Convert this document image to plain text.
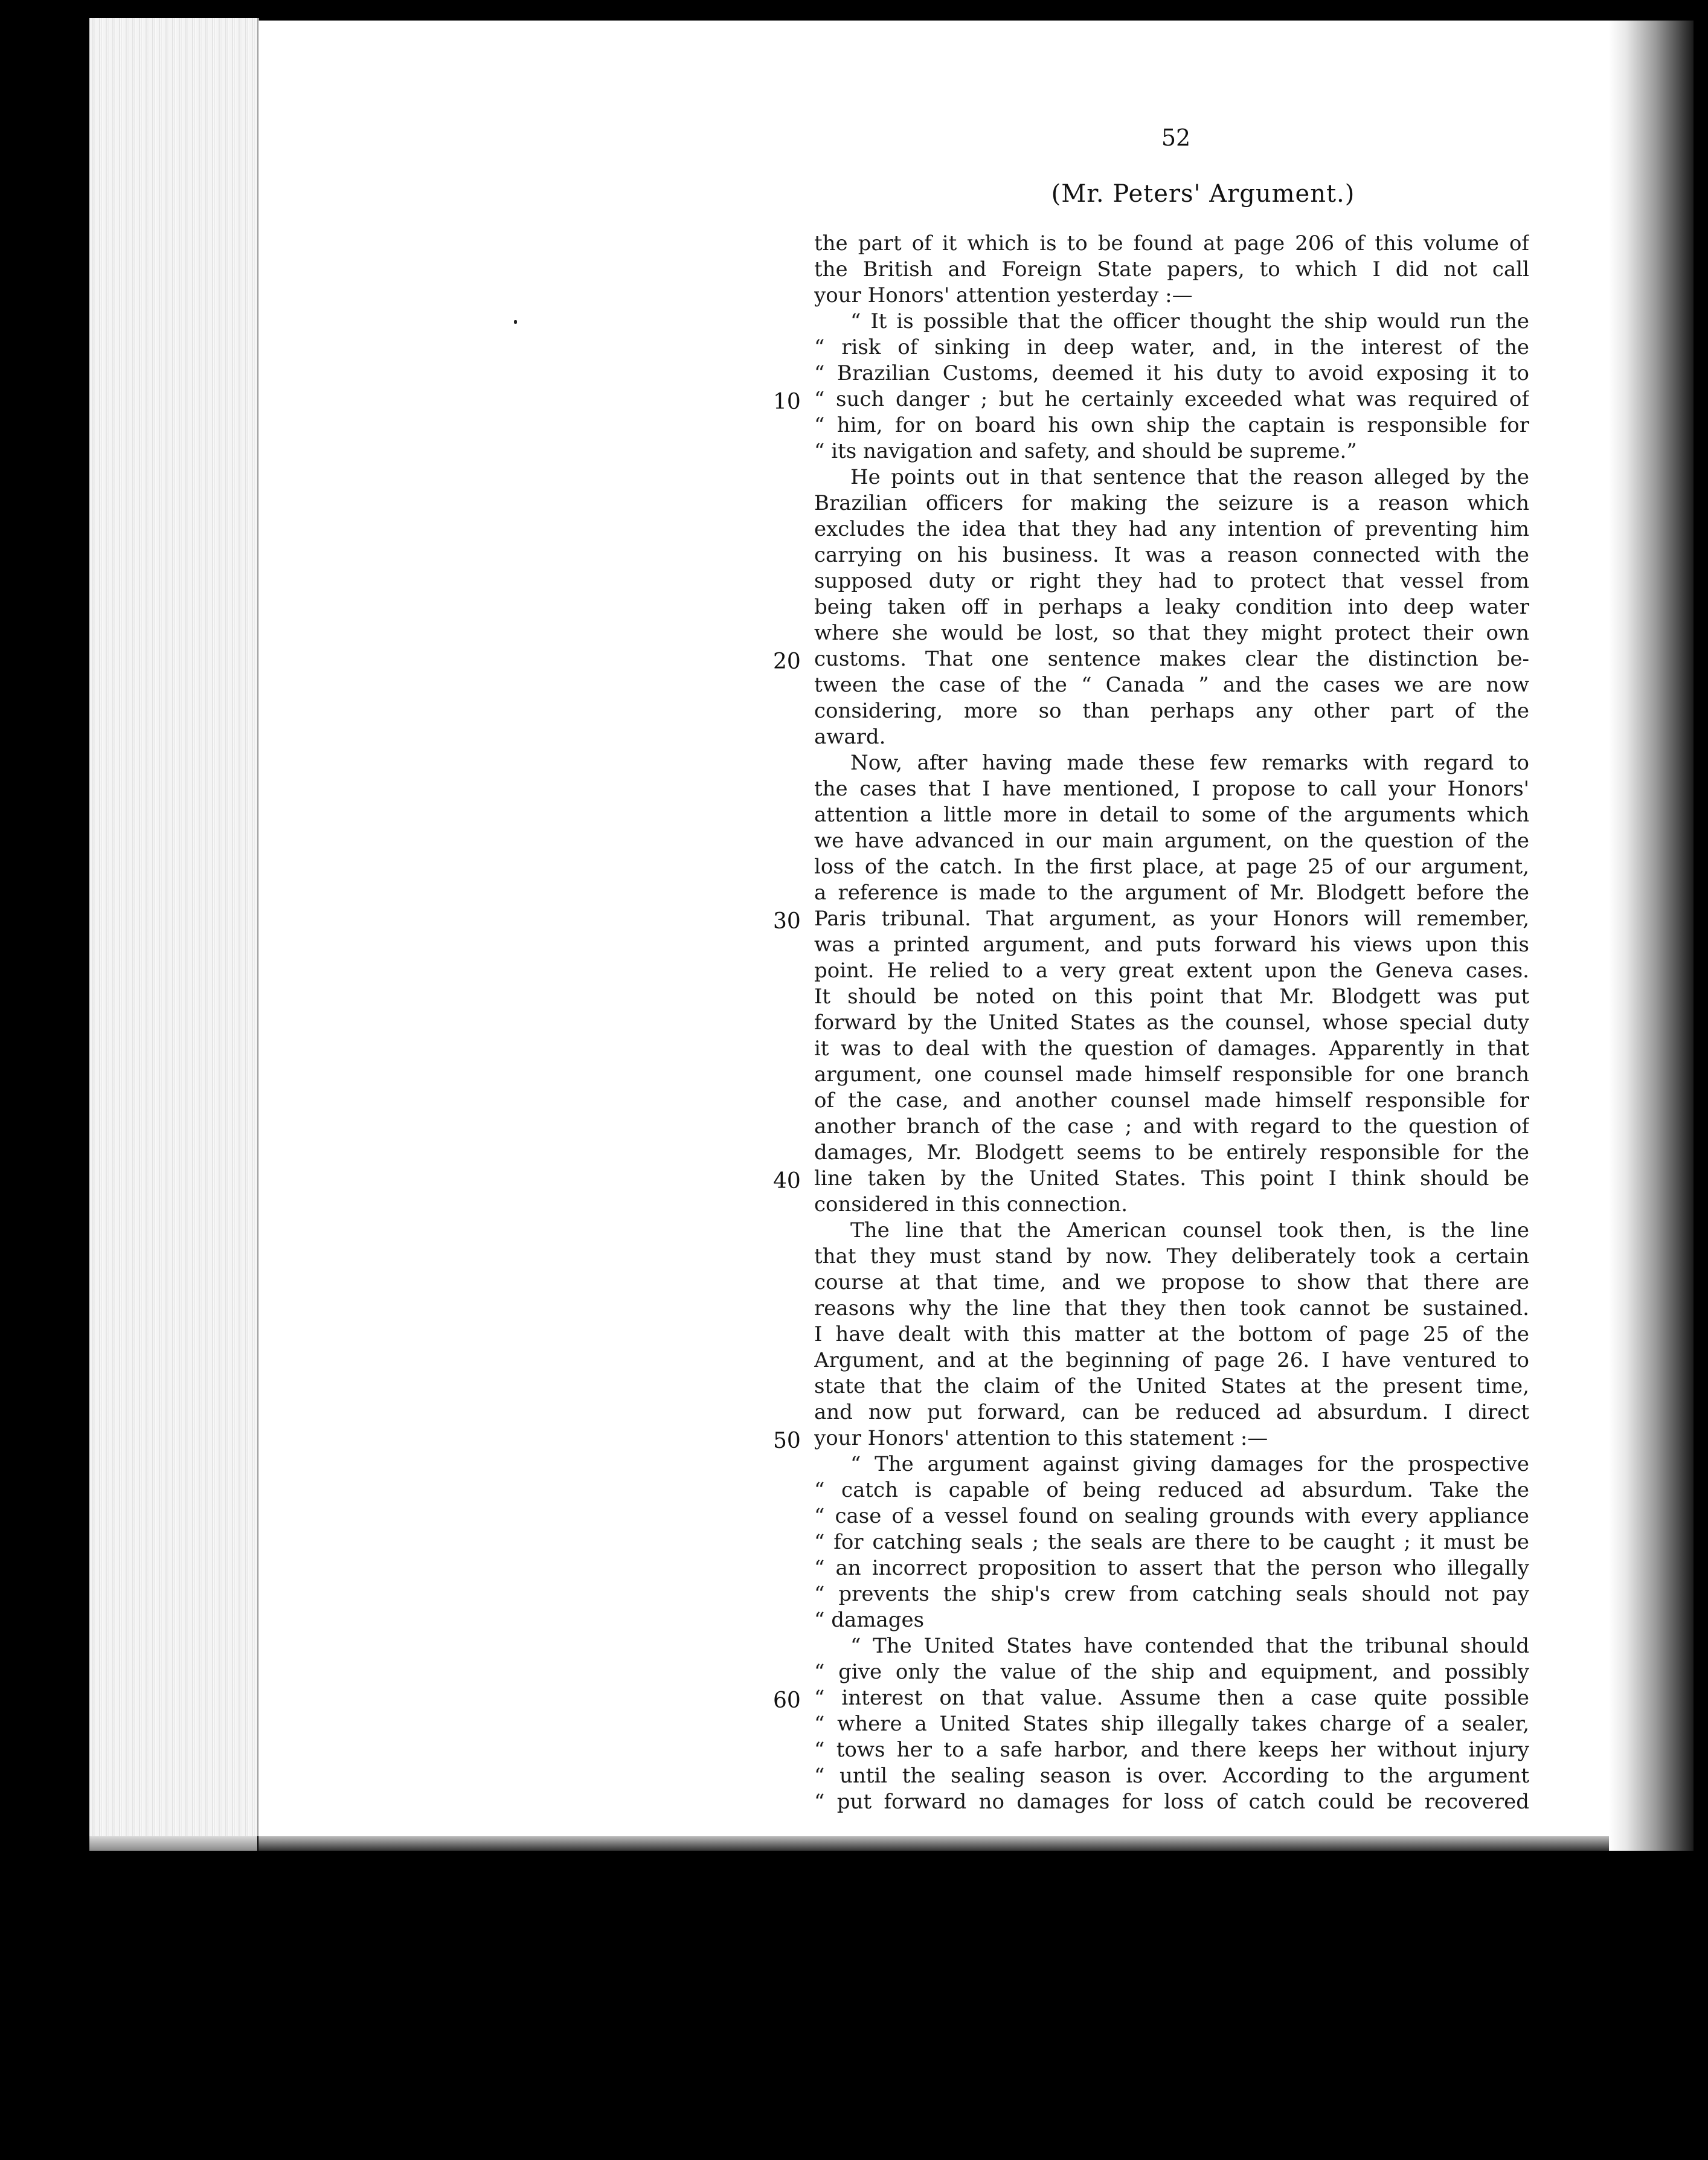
52
(Mr. Peters' Argument.)
the part of it which is to be found at page 206 of this volume of
the British and Foreign State papers, to which I did not call
your Honors' attention yesterday :—
“ It is possible that the officer thought the ship would run the
“ risk of sinking in deep water, and, in the interest of the
“ Brazilian Customs, deemed it his duty to avoid exposing it to
“ such danger ; but he certainly exceeded what was required of
“ him, for on board his own ship the captain is responsible for
“ its navigation and safety, and should be supreme.”
He points out in that sentence that the reason alleged by the
Brazilian officers for making the seizure is a reason which
excludes the idea that they had any intention of preventing him
carrying on his business. It was a reason connected with the
supposed duty or right they had to protect that vessel from
being taken off in perhaps a leaky condition into deep water
where she would be lost, so that they might protect their own
customs. That one sentence makes clear the distinction be-
tween the case of the “ Canada ” and the cases we are now
considering, more so than perhaps any other part of the
award.
Now, after having made these few remarks with regard to
the cases that I have mentioned, I propose to call your Honors'
attention a little more in detail to some of the arguments which
we have advanced in our main argument, on the question of the
loss of the catch. In the first place, at page 25 of our argument,
a reference is made to the argument of Mr. Blodgett before the
Paris tribunal. That argument, as your Honors will remember,
was a printed argument, and puts forward his views upon this
point. He relied to a very great extent upon the Geneva cases.
It should be noted on this point that Mr. Blodgett was put
forward by the United States as the counsel, whose special duty
it was to deal with the question of damages. Apparently in that
argument, one counsel made himself responsible for one branch
of the case, and another counsel made himself responsible for
another branch of the case ; and with regard to the question of
damages, Mr. Blodgett seems to be entirely responsible for the
line taken by the United States. This point I think should be
considered in this connection.
The line that the American counsel took then, is the line
that they must stand by now. They deliberately took a certain
course at that time, and we propose to show that there are
reasons why the line that they then took cannot be sustained.
I have dealt with this matter at the bottom of page 25 of the
Argument, and at the beginning of page 26. I have ventured to
state that the claim of the United States at the present time,
and now put forward, can be reduced ad absurdum. I direct
your Honors' attention to this statement :—
“ The argument against giving damages for the prospective
“ catch is capable of being reduced ad absurdum. Take the
“ case of a vessel found on sealing grounds with every appliance
“ for catching seals ; the seals are there to be caught ; it must be
“ an incorrect proposition to assert that the person who illegally
“ prevents the ship's crew from catching seals should not pay
“ damages
“ The United States have contended that the tribunal should
“ give only the value of the ship and equipment, and possibly
“ interest on that value. Assume then a case quite possible
“ where a United States ship illegally takes charge of a sealer,
“ tows her to a safe harbor, and there keeps her without injury
“ until the sealing season is over. According to the argument
“ put forward no damages for loss of catch could be recovered
10
20
30
40
50
60
